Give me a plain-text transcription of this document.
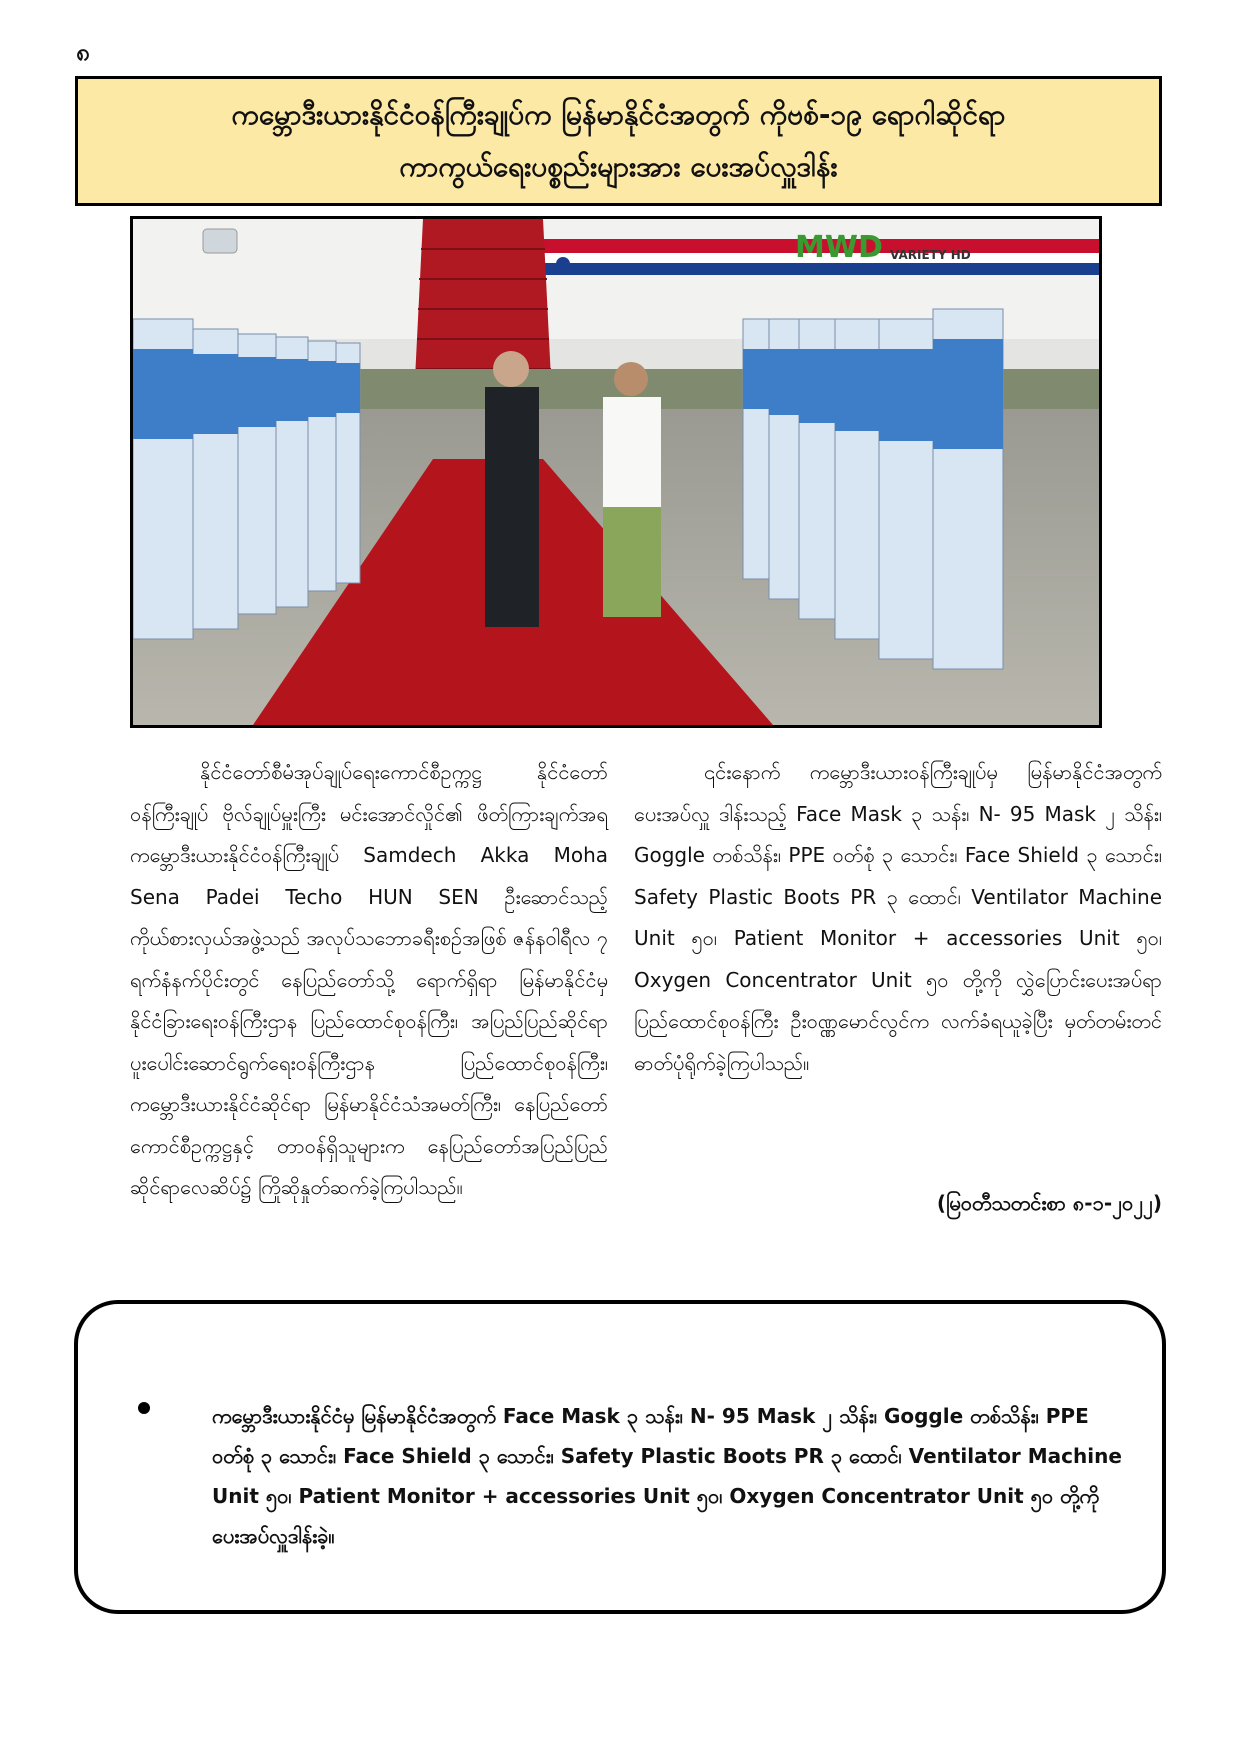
၈
ကမ္ဘောဒီးယားနိုင်ငံဝန်ကြီးချုပ်က မြန်မာနိုင်ငံအတွက် ကိုဗစ်-၁၉ ရောဂါဆိုင်ရာ
ကာကွယ်ရေးပစ္စည်းများအား ပေးအပ်လှူဒါန်း
MWD VARIETY HD

နိုင်ငံတော်စီမံအုပ်ချုပ်ရေးကောင်စီဥက္ကဋ္ဌ နိုင်ငံတော်ဝန်ကြီးချုပ် ဗိုလ်ချုပ်မှူးကြီး မင်းအောင်လှိုင်၏ ဖိတ်ကြားချက်အရ ကမ္ဘောဒီးယားနိုင်ငံဝန်ကြီးချုပ် Samdech Akka Moha Sena Padei Techo HUN SEN ဦးဆောင်သည့်ကိုယ်စားလှယ်အဖွဲ့သည် အလုပ်သဘောခရီးစဉ်အဖြစ် ဇန်နဝါရီလ ၇ ရက်နံနက်ပိုင်းတွင် နေပြည်တော်သို့ ရောက်ရှိရာ မြန်မာနိုင်ငံမှ နိုင်ငံခြားရေးဝန်ကြီးဌာန ပြည်ထောင်စုဝန်ကြီး၊ အပြည်ပြည်ဆိုင်ရာပူးပေါင်းဆောင်ရွက်ရေးဝန်ကြီးဌာန ပြည်ထောင်စုဝန်ကြီး၊ ကမ္ဘောဒီးယားနိုင်ငံဆိုင်ရာ မြန်မာနိုင်ငံသံအမတ်ကြီး၊ နေပြည်တော်ကောင်စီဥက္ကဋ္ဌနှင့် တာဝန်ရှိသူများက နေပြည်တော်အပြည်ပြည်ဆိုင်ရာလေဆိပ်၌ ကြိုဆိုနှုတ်ဆက်ခဲ့ကြပါသည်။

၎င်းနောက် ကမ္ဘောဒီးယားဝန်ကြီးချုပ်မှ မြန်မာနိုင်ငံအတွက် ပေးအပ်လှူ ဒါန်းသည့် Face Mask ၃ သန်း၊ N- 95 Mask ၂ သိန်း၊ Goggle တစ်သိန်း၊ PPE ဝတ်စုံ ၃ သောင်း၊ Face Shield ၃ သောင်း၊ Safety Plastic Boots PR ၃ ထောင်၊ Ventilator Machine Unit ၅၀၊ Patient Monitor + accessories Unit ၅၀၊ Oxygen Concentrator Unit ၅၀ တို့ကို လွှဲပြောင်းပေးအပ်ရာ ပြည်ထောင်စုဝန်ကြီး ဦးဝဏ္ဏမောင်လွင်က လက်ခံရယူခဲ့ပြီး မှတ်တမ်းတင်ဓာတ်ပုံရိုက်ခဲ့ကြပါသည်။

(မြဝတီသတင်းစာ ၈-၁-၂၀၂၂)
ကမ္ဘောဒီးယားနိုင်ငံမှ မြန်မာနိုင်ငံအတွက် Face Mask ၃ သန်း၊ N- 95 Mask ၂ သိန်း၊ Goggle တစ်သိန်း၊ PPE ဝတ်စုံ ၃ သောင်း၊ Face Shield ၃ သောင်း၊ Safety Plastic Boots PR ၃ ထောင်၊ Ventilator Machine Unit ၅၀၊ Patient Monitor + accessories Unit ၅၀၊ Oxygen Concentrator Unit ၅၀ တို့ကို ပေးအပ်လှူဒါန်းခဲ့။
